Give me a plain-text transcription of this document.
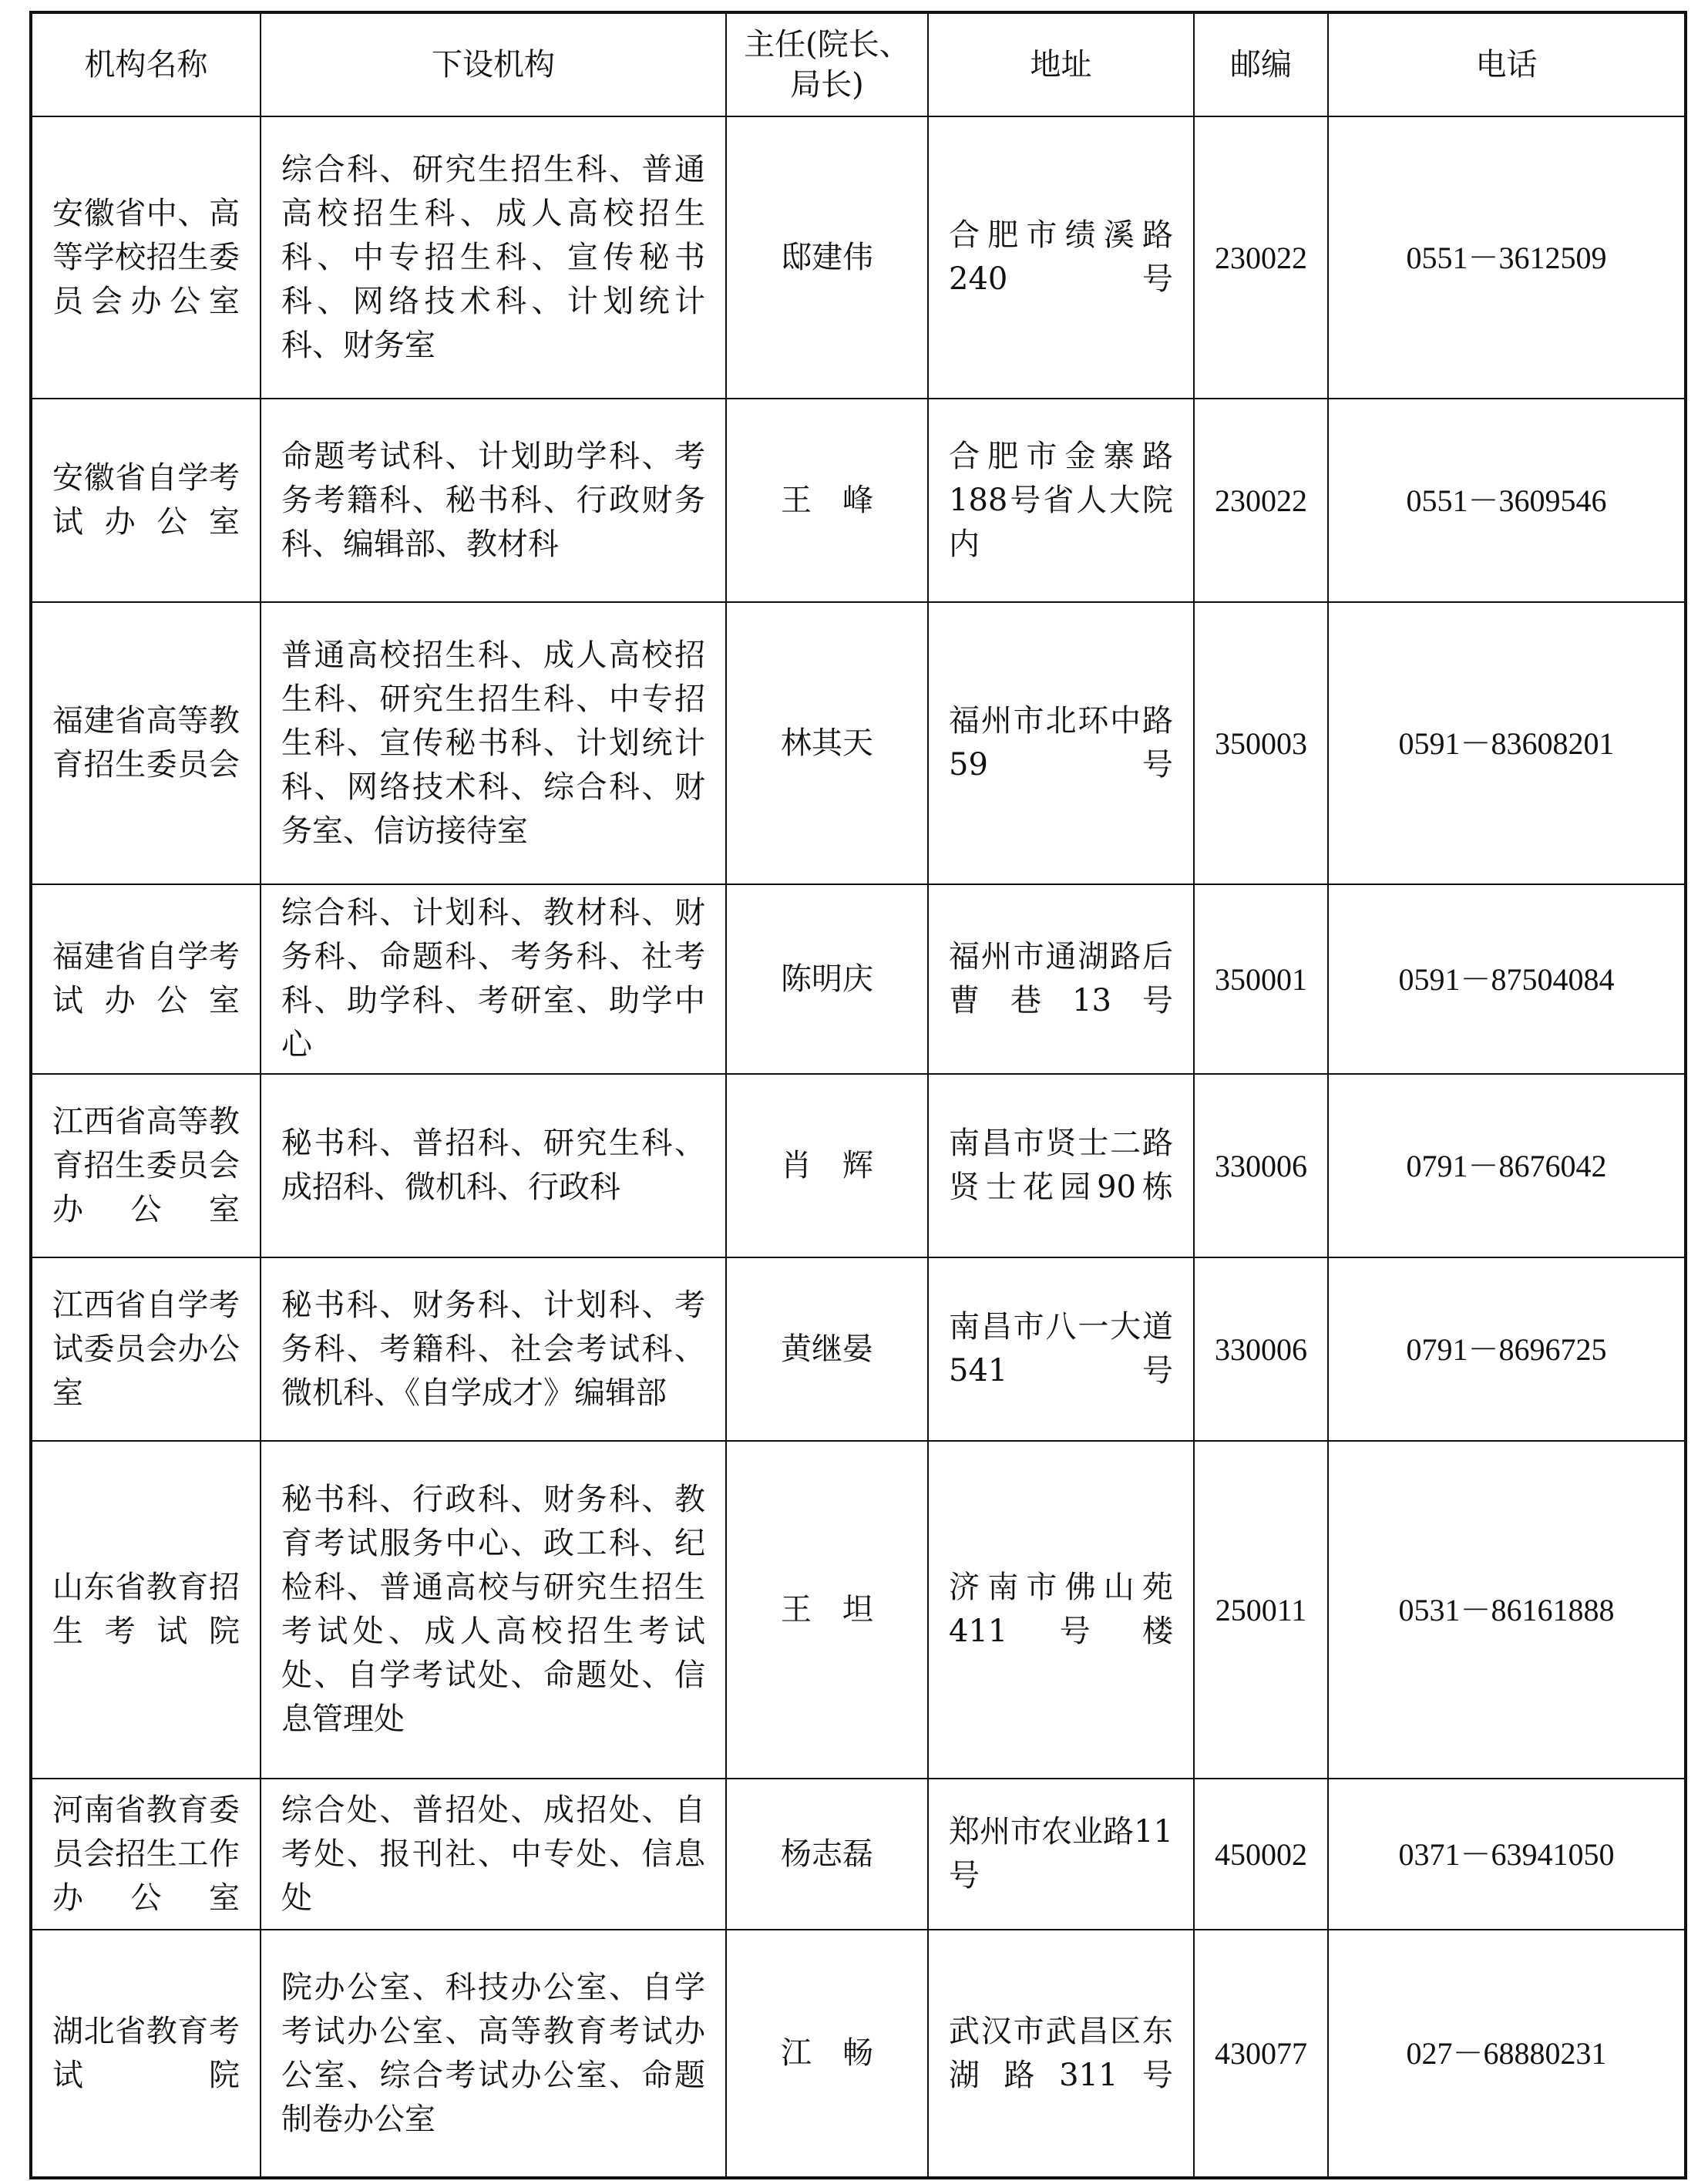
机构名称	下设机构	主任(院长、局长)	地址	邮编	电话
安徽省中、高等学校招生委员会办公室	综合科、研究生招生科、普通高校招生科、成人高校招生科、中专招生科、宣传秘书科、网络技术科、计划统计科、财务室	邸建伟	合肥市绩溪路240号	230022	0551－3612509
安徽省自学考试办公室	命题考试科、计划助学科、考务考籍科、秘书科、行政财务科、编辑部、教材科	王　峰	合肥市金寨路188号省人大院内	230022	0551－3609546
福建省高等教育招生委员会	普通高校招生科、成人高校招生科、研究生招生科、中专招生科、宣传秘书科、计划统计科、网络技术科、综合科、财务室、信访接待室	林其天	福州市北环中路59号	350003	0591－83608201
福建省自学考试办公室	综合科、计划科、教材科、财务科、命题科、考务科、社考科、助学科、考研室、助学中心	陈明庆	福州市通湖路后曹巷13号	350001	0591－87504084
江西省高等教育招生委员会办公室	秘书科、普招科、研究生科、成招科、微机科、行政科	肖　辉	南昌市贤士二路贤士花园90栋	330006	0791－8676042
江西省自学考试委员会办公室	秘书科、财务科、计划科、考务科、考籍科、社会考试科、微机科、《自学成才》编辑部	黄继晏	南昌市八一大道541号	330006	0791－8696725
山东省教育招生考试院	秘书科、行政科、财务科、教育考试服务中心、政工科、纪检科、普通高校与研究生招生考试处、成人高校招生考试处、自学考试处、命题处、信息管理处	王　坦	济南市佛山苑411号楼	250011	0531－86161888
河南省教育委员会招生工作办公室	综合处、普招处、成招处、自考处、报刊社、中专处、信息处	杨志磊	郑州市农业路11号	450002	0371－63941050
湖北省教育考试院	院办公室、科技办公室、自学考试办公室、高等教育考试办公室、综合考试办公室、命题制卷办公室	江　畅	武汉市武昌区东湖路311号	430077	027－68880231
